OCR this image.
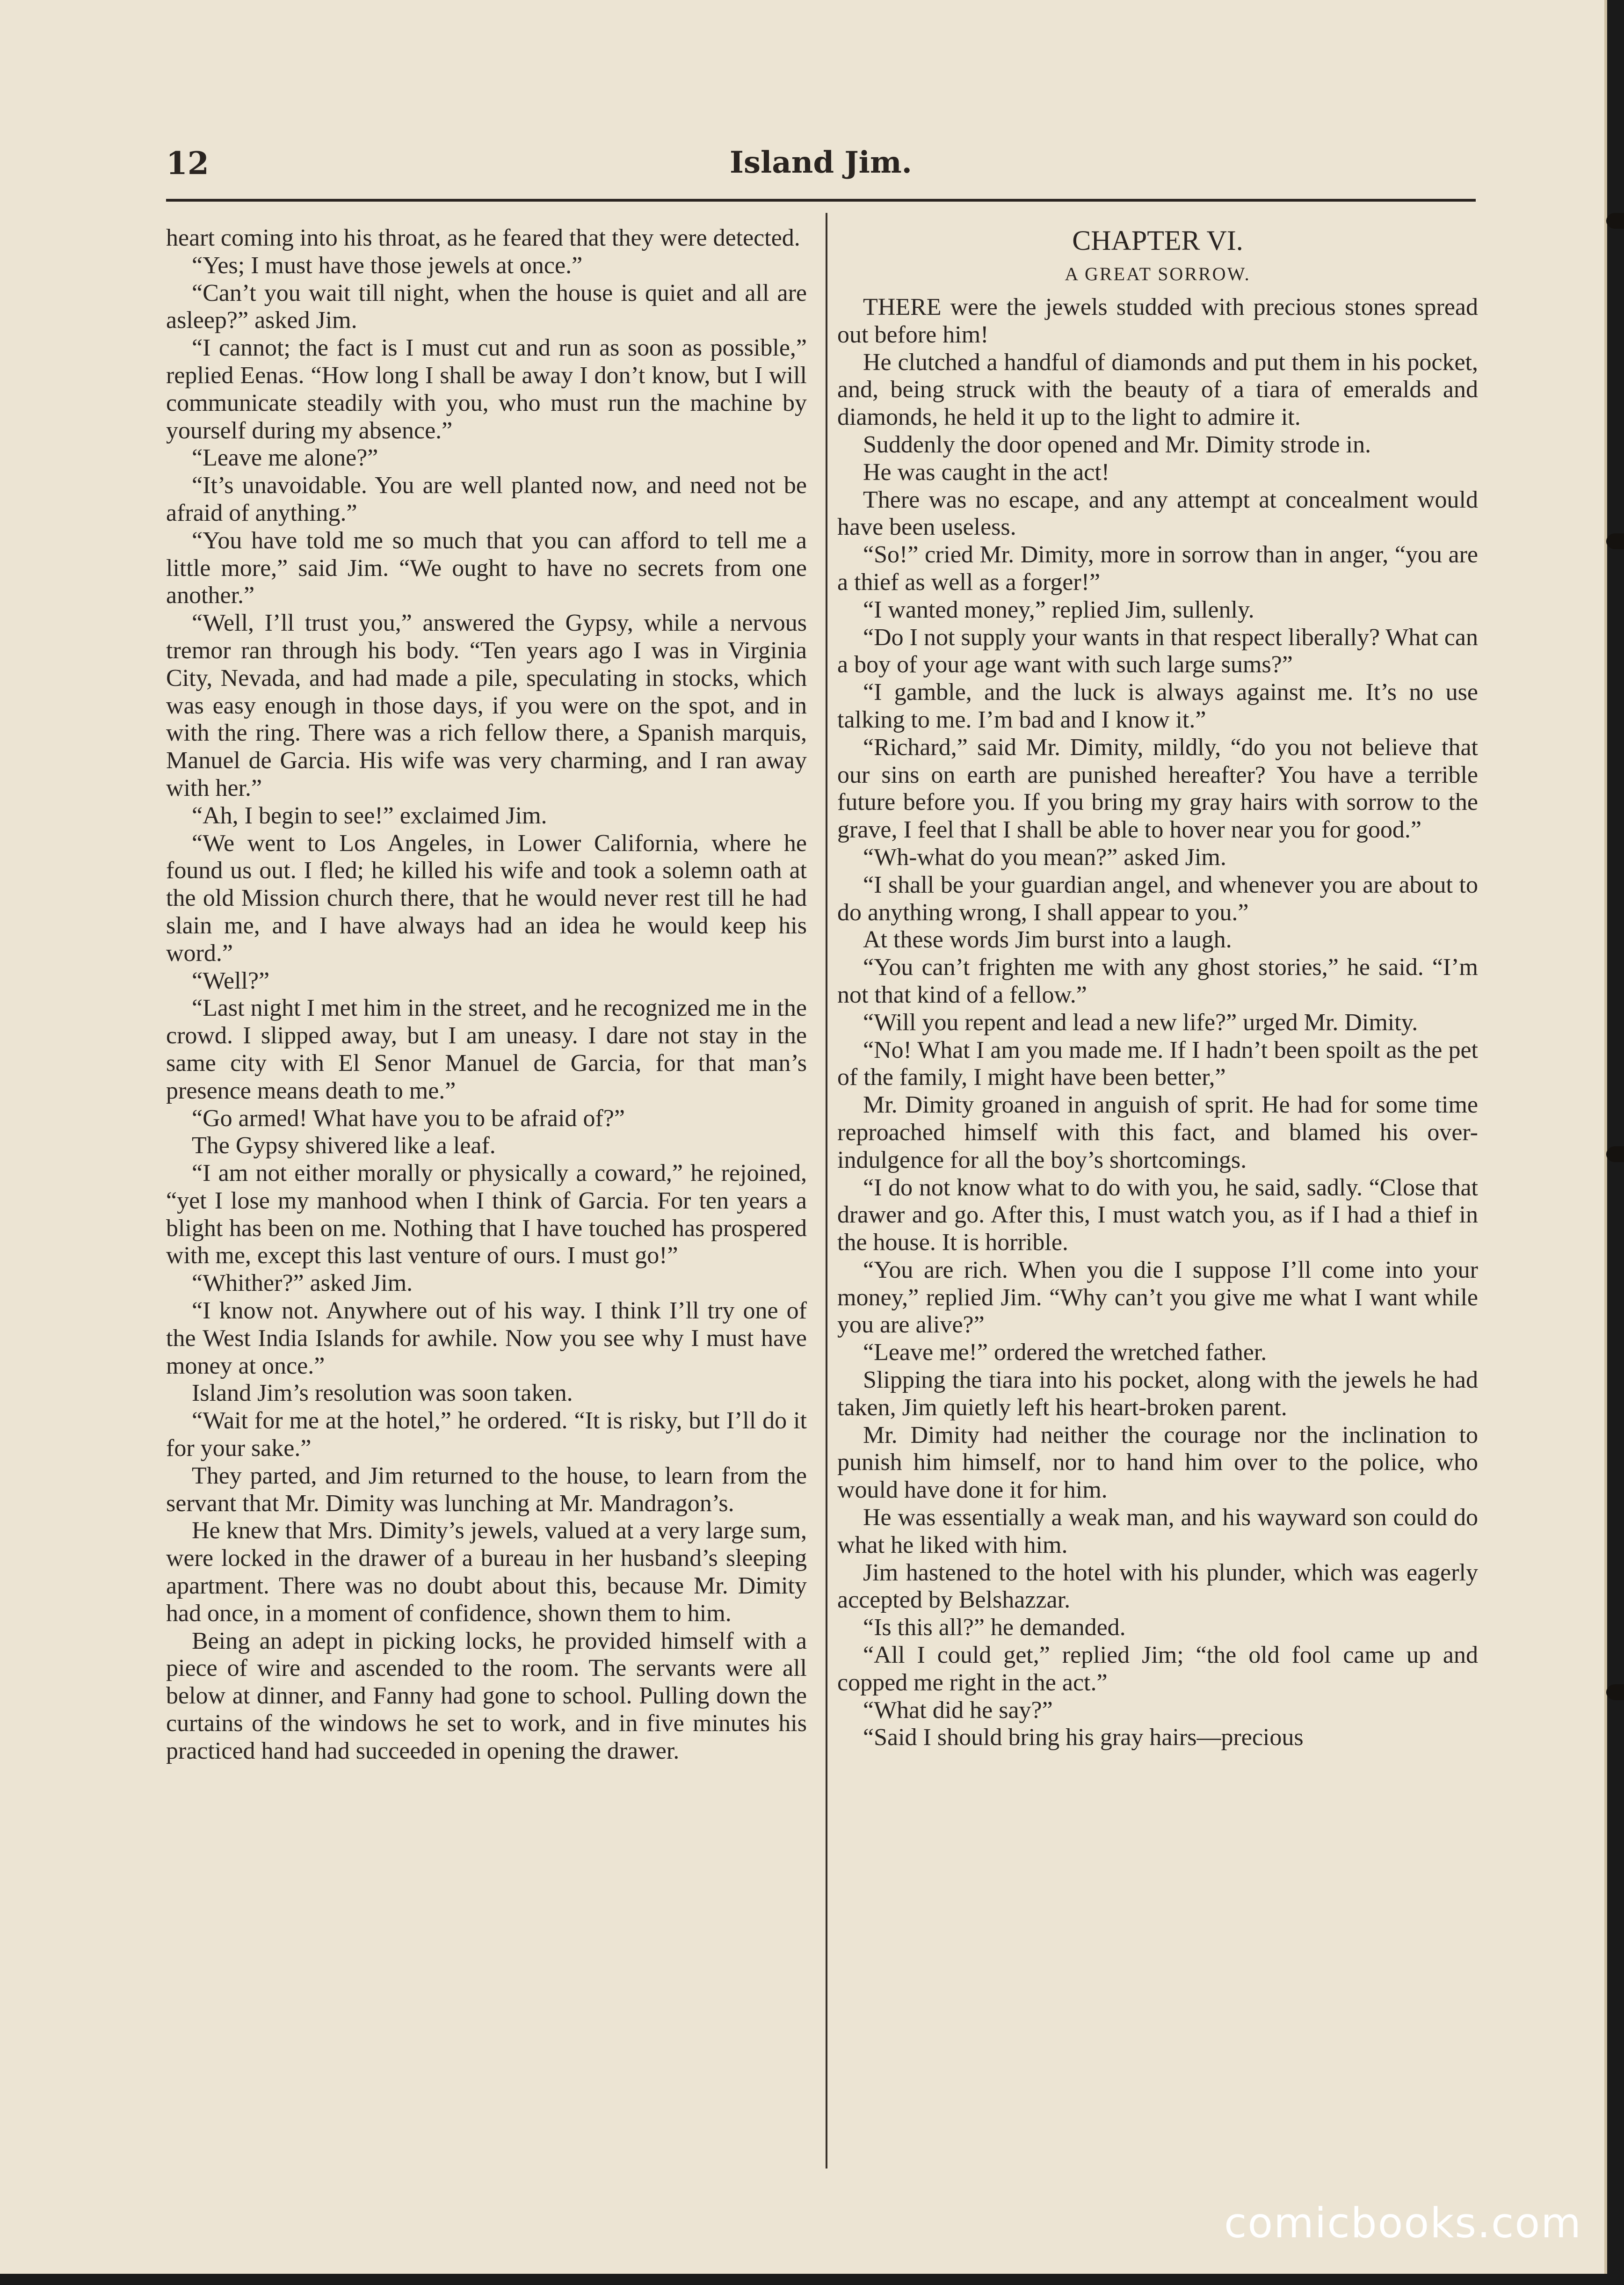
12	Island Jim.

heart coming into his throat, as he feared that they were detected.

“Yes; I must have those jewels at once.”

“Can’t you wait till night, when the house is quiet and all are asleep?” asked Jim.

“I cannot; the fact is I must cut and run as soon as possible,” replied Eenas. “How long I shall be away I don’t know, but I will communicate steadily with you, who must run the machine by yourself during my absence.”

“Leave me alone?”

“It’s unavoidable. You are well planted now, and need not be afraid of anything.”

“You have told me so much that you can afford to tell me a little more,” said Jim. “We ought to have no secrets from one another.”

“Well, I’ll trust you,” answered the Gypsy, while a nervous tremor ran through his body. “Ten years ago I was in Virginia City, Nevada, and had made a pile, speculating in stocks, which was easy enough in those days, if you were on the spot, and in with the ring. There was a rich fellow there, a Spanish marquis, Manuel de Garcia. His wife was very charming, and I ran away with her.”

“Ah, I begin to see!” exclaimed Jim.

“We went to Los Angeles, in Lower California, where he found us out. I fled; he killed his wife and took a solemn oath at the old Mission church there, that he would never rest till he had slain me, and I have always had an idea he would keep his word.”

“Well?”

“Last night I met him in the street, and he recognized me in the crowd. I slipped away, but I am uneasy. I dare not stay in the same city with El Senor Manuel de Garcia, for that man’s presence means death to me.”

“Go armed! What have you to be afraid of?”

The Gypsy shivered like a leaf.

“I am not either morally or physically a coward,” he rejoined, “yet I lose my manhood when I think of Garcia. For ten years a blight has been on me. Nothing that I have touched has prospered with me, except this last venture of ours. I must go!”

“Whither?” asked Jim.

“I know not. Anywhere out of his way. I think I’ll try one of the West India Islands for awhile. Now you see why I must have money at once.”

Island Jim’s resolution was soon taken.

“Wait for me at the hotel,” he ordered. “It is risky, but I’ll do it for your sake.”

They parted, and Jim returned to the house, to learn from the servant that Mr. Dimity was lunching at Mr. Mandragon’s.

He knew that Mrs. Dimity’s jewels, valued at a very large sum, were locked in the drawer of a bureau in her husband’s sleeping apartment. There was no doubt about this, because Mr. Dimity had once, in a moment of confidence, shown them to him.

Being an adept in picking locks, he provided himself with a piece of wire and ascended to the room. The servants were all below at dinner, and Fanny had gone to school. Pulling down the curtains of the windows he set to work, and in five minutes his practiced hand had succeeded in opening the drawer.

CHAPTER VI.
A GREAT SORROW.

THERE were the jewels studded with precious stones spread out before him!

He clutched a handful of diamonds and put them in his pocket, and, being struck with the beauty of a tiara of emeralds and diamonds, he held it up to the light to admire it.

Suddenly the door opened and Mr. Dimity strode in.

He was caught in the act!

There was no escape, and any attempt at concealment would have been useless.

“So!” cried Mr. Dimity, more in sorrow than in anger, “you are a thief as well as a forger!”

“I wanted money,” replied Jim, sullenly.

“Do I not supply your wants in that respect liberally? What can a boy of your age want with such large sums?”

“I gamble, and the luck is always against me. It’s no use talking to me. I’m bad and I know it.”

“Richard,” said Mr. Dimity, mildly, “do you not believe that our sins on earth are punished hereafter? You have a terrible future before you. If you bring my gray hairs with sorrow to the grave, I feel that I shall be able to hover near you for good.”

“Wh-what do you mean?” asked Jim.

“I shall be your guardian angel, and whenever you are about to do anything wrong, I shall appear to you.”

At these words Jim burst into a laugh.

“You can’t frighten me with any ghost stories,” he said. “I’m not that kind of a fellow.”

“Will you repent and lead a new life?” urged Mr. Dimity.

“No! What I am you made me. If I hadn’t been spoilt as the pet of the family, I might have been better,”

Mr. Dimity groaned in anguish of sprit. He had for some time reproached himself with this fact, and blamed his over-indulgence for all the boy’s shortcomings.

“I do not know what to do with you, he said, sadly. “Close that drawer and go. After this, I must watch you, as if I had a thief in the house. It is horrible.

“You are rich. When you die I suppose I’ll come into your money,” replied Jim. “Why can’t you give me what I want while you are alive?”

“Leave me!” ordered the wretched father.

Slipping the tiara into his pocket, along with the jewels he had taken, Jim quietly left his heart-broken parent.

Mr. Dimity had neither the courage nor the inclination to punish him himself, nor to hand him over to the police, who would have done it for him.

He was essentially a weak man, and his wayward son could do what he liked with him.

Jim hastened to the hotel with his plunder, which was eagerly accepted by Belshazzar.

“Is this all?” he demanded.

“All I could get,” replied Jim; “the old fool came up and copped me right in the act.”

“What did he say?”

“Said I should bring his gray hairs—precious

comicbooks.com
